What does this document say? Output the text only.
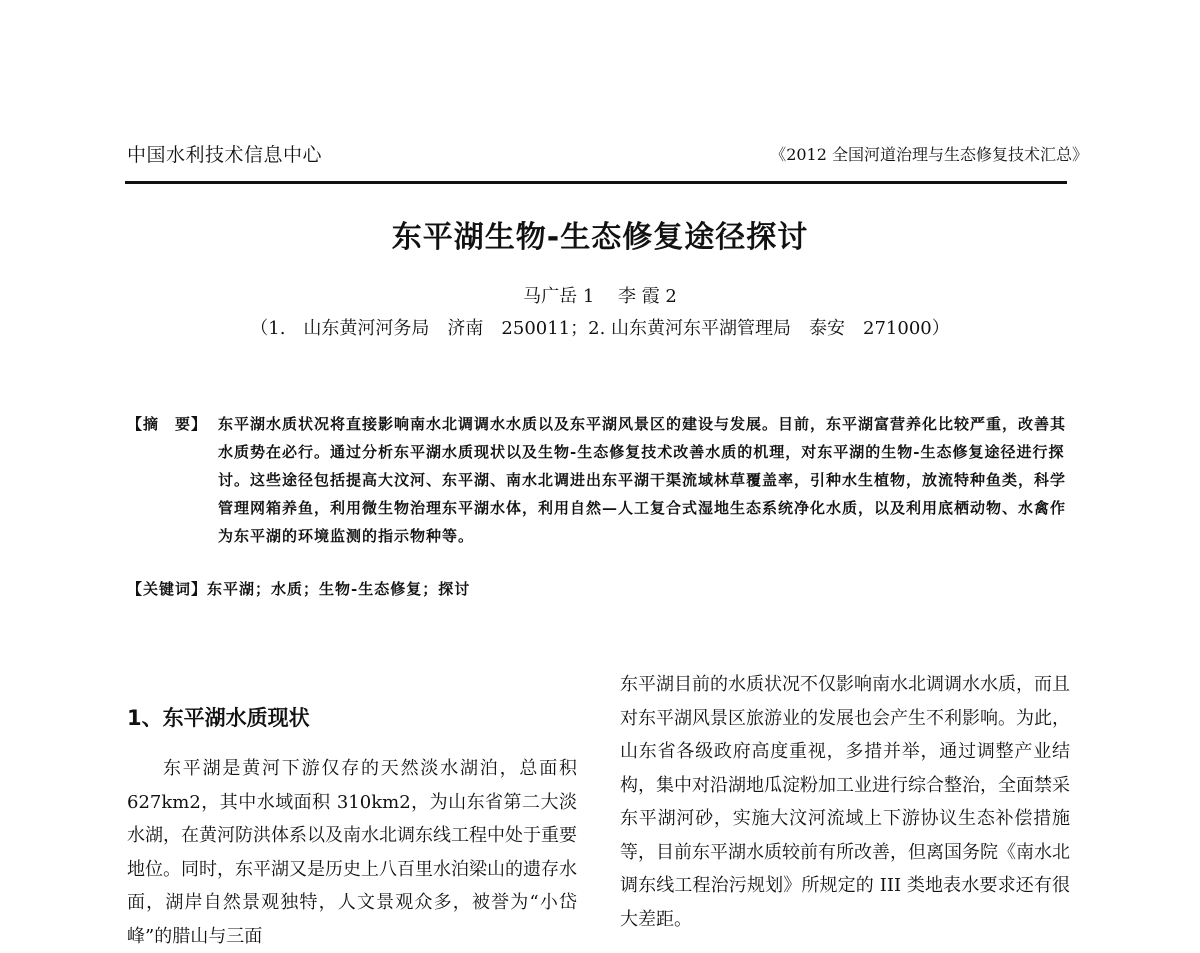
中国水利技术信息中心	《2012 全国河道治理与生态修复技术汇总》
东平湖生物-生态修复途径探讨
马广岳 1　 李 霞 2
（1.　山东黄河河务局　济南　250011；2. 山东黄河东平湖管理局　泰安　271000）
【摘　要】 东平湖水质状况将直接影响南水北调调水水质以及东平湖风景区的建设与发展。目前，东平湖富营养化比较严重，改善其水质势在必行。通过分析东平湖水质现状以及生物-生态修复技术改善水质的机理，对东平湖的生物-生态修复途径进行探讨。这些途径包括提高大汶河、东平湖、南水北调进出东平湖干渠流域林草覆盖率，引种水生植物，放流特种鱼类，科学管理网箱养鱼，利用微生物治理东平湖水体，利用自然—人工复合式湿地生态系统净化水质，以及利用底栖动物、水禽作为东平湖的环境监测的指示物种等。
【关键词】东平湖；水质；生物-生态修复；探讨
1、东平湖水质现状
东平湖是黄河下游仅存的天然淡水湖泊，总面积 627km2，其中水域面积 310km2，为山东省第二大淡水湖，在黄河防洪体系以及南水北调东线工程中处于重要地位。同时，东平湖又是历史上八百里水泊梁山的遗存水面，湖岸自然景观独特，人文景观众多，被誉为“小岱峰”的腊山与三面
东平湖目前的水质状况不仅影响南水北调调水水质，而且对东平湖风景区旅游业的发展也会产生不利影响。为此，山东省各级政府高度重视，多措并举，通过调整产业结构，集中对沿湖地瓜淀粉加工业进行综合整治，全面禁采东平湖河砂，实施大汶河流域上下游协议生态补偿措施等，目前东平湖水质较前有所改善，但离国务院《南水北调东线工程治污规划》所规定的 III 类地表水要求还有很大差距。
